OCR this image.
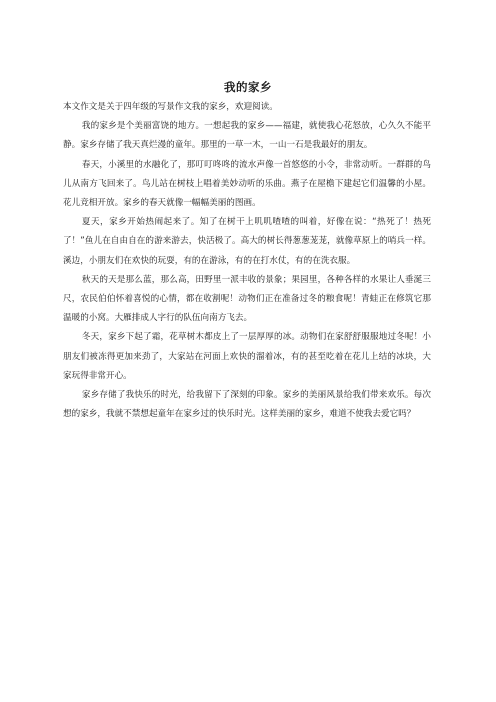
我的家乡

本文作文是关于四年级的写景作文我的家乡，欢迎阅读。

我的家乡是个美丽富饶的地方。一想起我的家乡——福建，就使我心花怒放，心久久不能平静。家乡存储了我天真烂漫的童年。那里的一草一木，一山一石是我最好的朋友。

春天，小溪里的水融化了，那叮叮咚咚的流水声像一首悠悠的小令，非常动听。一群群的鸟儿从南方飞回来了。鸟儿站在树枝上唱着美妙动听的乐曲。燕子在屋檐下建起它们温馨的小屋。花儿竞相开放。家乡的春天就像一幅幅美丽的图画。

夏天，家乡开始热闹起来了。知了在树干上叽叽喳喳的叫着，好像在说：“热死了！热死了！”鱼儿在自由自在的游来游去，快活极了。高大的树长得葱葱茏茏，就像草原上的哨兵一样。溪边，小朋友们在欢快的玩耍，有的在游泳，有的在打水仗，有的在洗衣服。

秋天的天是那么蓝，那么高，田野里一派丰收的景象；果园里，各种各样的水果让人垂涎三尺，农民伯伯怀着喜悦的心情，都在收割呢！动物们正在准备过冬的粮食呢！青蛙正在修筑它那温暖的小窝。大雁排成人字行的队伍向南方飞去。

冬天，家乡下起了霜，花草树木都皮上了一层厚厚的冰。动物们在家舒舒服服地过冬呢！小朋友们被冻得更加来劲了，大家站在河面上欢快的溜着冰，有的甚至吃着在花儿上结的冰块，大家玩得非常开心。

家乡存储了我快乐的时光，给我留下了深刻的印象。家乡的美丽风景给我们带来欢乐。每次想的家乡，我就不禁想起童年在家乡过的快乐时光。这样美丽的家乡，难道不使我去爱它吗？
